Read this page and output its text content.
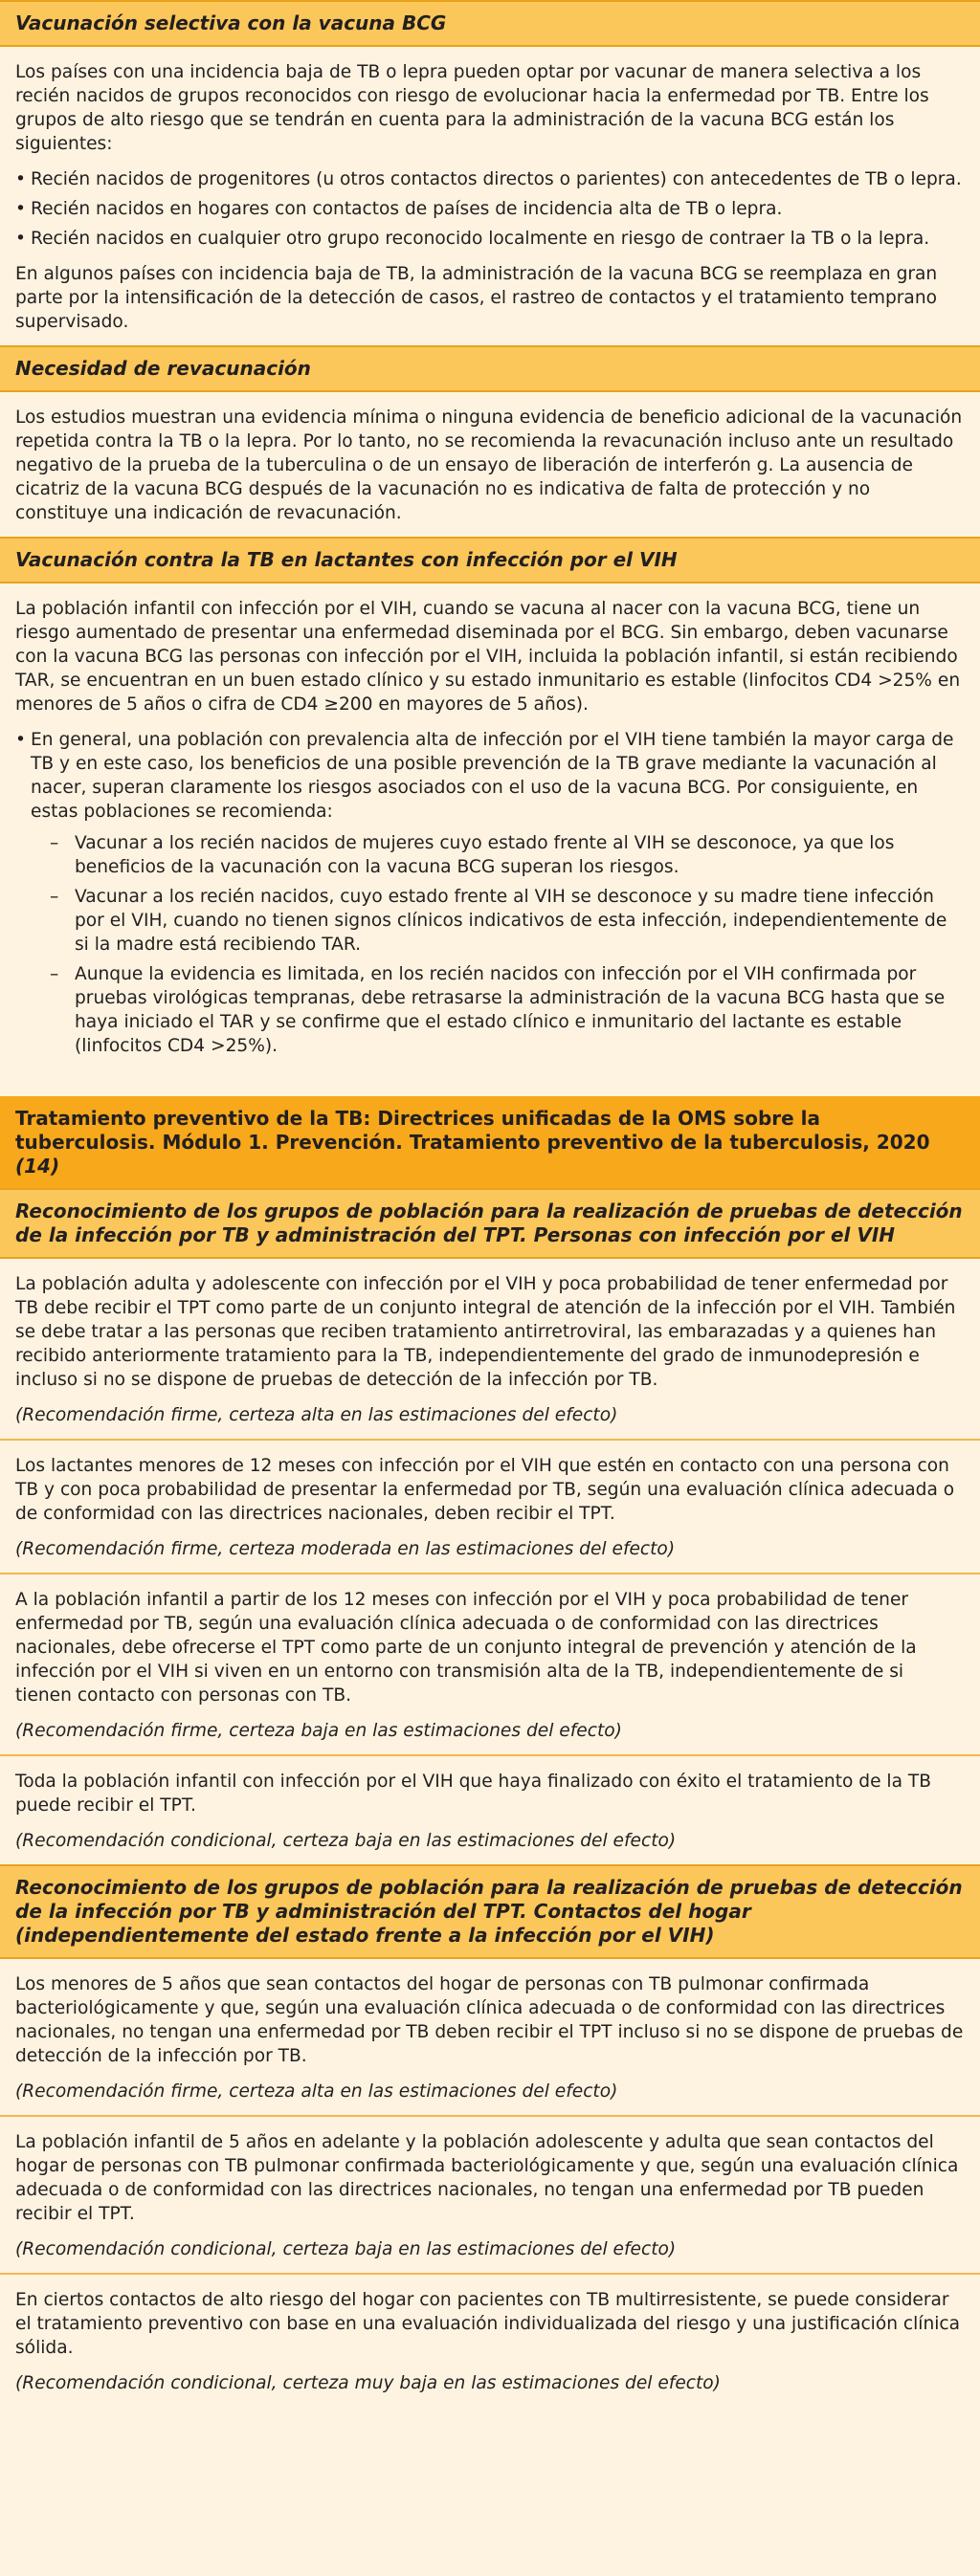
Vacunación selectiva con la vacuna BCG

Los países con una incidencia baja de TB o lepra pueden optar por vacunar de manera selectiva a los recién nacidos de grupos reconocidos con riesgo de evolucionar hacia la enfermedad por TB. Entre los grupos de alto riesgo que se tendrán en cuenta para la administración de la vacuna BCG están los siguientes:

• Recién nacidos de progenitores (u otros contactos directos o parientes) con antecedentes de TB o lepra.
• Recién nacidos en hogares con contactos de países de incidencia alta de TB o lepra.
• Recién nacidos en cualquier otro grupo reconocido localmente en riesgo de contraer la TB o la lepra.

En algunos países con incidencia baja de TB, la administración de la vacuna BCG se reemplaza en gran parte por la intensificación de la detección de casos, el rastreo de contactos y el tratamiento temprano supervisado.

Necesidad de revacunación

Los estudios muestran una evidencia mínima o ninguna evidencia de beneficio adicional de la vacunación repetida contra la TB o la lepra. Por lo tanto, no se recomienda la revacunación incluso ante un resultado negativo de la prueba de la tuberculina o de un ensayo de liberación de interferón g. La ausencia de cicatriz de la vacuna BCG después de la vacunación no es indicativa de falta de protección y no constituye una indicación de revacunación.

Vacunación contra la TB en lactantes con infección por el VIH

La población infantil con infección por el VIH, cuando se vacuna al nacer con la vacuna BCG, tiene un riesgo aumentado de presentar una enfermedad diseminada por el BCG. Sin embargo, deben vacunarse con la vacuna BCG las personas con infección por el VIH, incluida la población infantil, si están recibiendo TAR, se encuentran en un buen estado clínico y su estado inmunitario es estable (linfocitos CD4 >25% en menores de 5 años o cifra de CD4 ≥200 en mayores de 5 años).

• En general, una población con prevalencia alta de infección por el VIH tiene también la mayor carga de TB y en este caso, los beneficios de una posible prevención de la TB grave mediante la vacunación al nacer, superan claramente los riesgos asociados con el uso de la vacuna BCG. Por consiguiente, en estas poblaciones se recomienda:
– Vacunar a los recién nacidos de mujeres cuyo estado frente al VIH se desconoce, ya que los beneficios de la vacunación con la vacuna BCG superan los riesgos.
– Vacunar a los recién nacidos, cuyo estado frente al VIH se desconoce y su madre tiene infección por el VIH, cuando no tienen signos clínicos indicativos de esta infección, independientemente de si la madre está recibiendo TAR.
– Aunque la evidencia es limitada, en los recién nacidos con infección por el VIH confirmada por pruebas virológicas tempranas, debe retrasarse la administración de la vacuna BCG hasta que se haya iniciado el TAR y se confirme que el estado clínico e inmunitario del lactante es estable (linfocitos CD4 >25%).
Tratamiento preventivo de la TB: Directrices unificadas de la OMS sobre la tuberculosis. Módulo 1. Prevención. Tratamiento preventivo de la tuberculosis, 2020 (14)
Reconocimiento de los grupos de población para la realización de pruebas de detección de la infección por TB y administración del TPT. Personas con infección por el VIH

La población adulta y adolescente con infección por el VIH y poca probabilidad de tener enfermedad por TB debe recibir el TPT como parte de un conjunto integral de atención de la infección por el VIH. También se debe tratar a las personas que reciben tratamiento antirretroviral, las embarazadas y a quienes han recibido anteriormente tratamiento para la TB, independientemente del grado de inmunodepresión e incluso si no se dispone de pruebas de detección de la infección por TB.

(Recomendación firme, certeza alta en las estimaciones del efecto)

Los lactantes menores de 12 meses con infección por el VIH que estén en contacto con una persona con TB y con poca probabilidad de presentar la enfermedad por TB, según una evaluación clínica adecuada o de conformidad con las directrices nacionales, deben recibir el TPT.

(Recomendación firme, certeza moderada en las estimaciones del efecto)

A la población infantil a partir de los 12 meses con infección por el VIH y poca probabilidad de tener enfermedad por TB, según una evaluación clínica adecuada o de conformidad con las directrices nacionales, debe ofrecerse el TPT como parte de un conjunto integral de prevención y atención de la infección por el VIH si viven en un entorno con transmisión alta de la TB, independientemente de si tienen contacto con personas con TB.

(Recomendación firme, certeza baja en las estimaciones del efecto)

Toda la población infantil con infección por el VIH que haya finalizado con éxito el tratamiento de la TB puede recibir el TPT.

(Recomendación condicional, certeza baja en las estimaciones del efecto)

Reconocimiento de los grupos de población para la realización de pruebas de detección de la infección por TB y administración del TPT. Contactos del hogar (independientemente del estado frente a la infección por el VIH)

Los menores de 5 años que sean contactos del hogar de personas con TB pulmonar confirmada bacteriológicamente y que, según una evaluación clínica adecuada o de conformidad con las directrices nacionales, no tengan una enfermedad por TB deben recibir el TPT incluso si no se dispone de pruebas de detección de la infección por TB.

(Recomendación firme, certeza alta en las estimaciones del efecto)

La población infantil de 5 años en adelante y la población adolescente y adulta que sean contactos del hogar de personas con TB pulmonar confirmada bacteriológicamente y que, según una evaluación clínica adecuada o de conformidad con las directrices nacionales, no tengan una enfermedad por TB pueden recibir el TPT.

(Recomendación condicional, certeza baja en las estimaciones del efecto)

En ciertos contactos de alto riesgo del hogar con pacientes con TB multirresistente, se puede considerar el tratamiento preventivo con base en una evaluación individualizada del riesgo y una justificación clínica sólida.

(Recomendación condicional, certeza muy baja en las estimaciones del efecto)
